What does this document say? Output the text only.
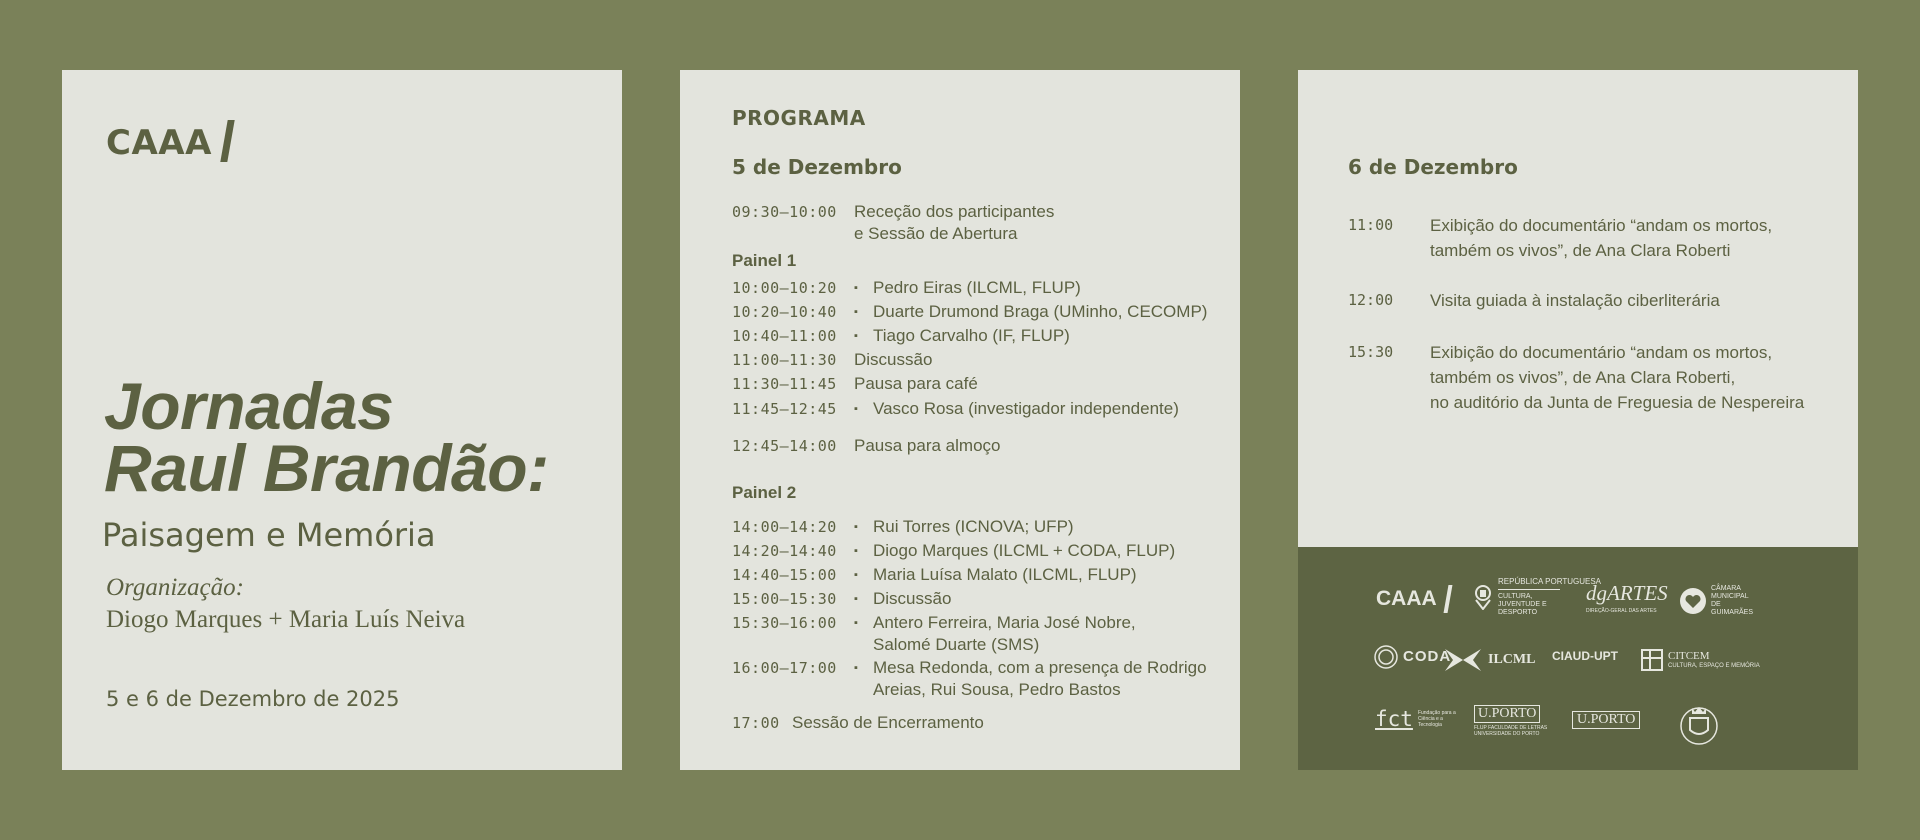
CAAA
Jornadas
Raul Brandão:
Paisagem e Memória
Organização:
Diogo Marques + Maria Luís Neiva
5 e 6 de Dezembro de 2025
PROGRAMA
5 de Dezembro
09:30–10:00 Receção dos participantes
e Sessão de Abertura
Painel 1
10:00–10:20	▪ Pedro Eiras (ILCML, FLUP)
10:20–10:40	▪ Duarte Drumond Braga (UMinho, CECOMP)
10:40–11:00	▪ Tiago Carvalho (IF, FLUP)
11:00–11:30 Discussão
11:30–11:45 Pausa para café
11:45–12:45	▪ Vasco Rosa (investigador independente)
12:45–14:00 Pausa para almoço
Painel 2
14:00–14:20	▪ Rui Torres (ICNOVA; UFP)
14:20–14:40	▪ Diogo Marques (ILCML + CODA, FLUP)
14:40–15:00	▪ Maria Luísa Malato (ILCML, FLUP)
15:00–15:30	▪ Discussão
15:30–16:00	▪ Antero Ferreira, Maria José Nobre,
Salomé Duarte (SMS)
16:00–17:00	▪ Mesa Redonda, com a presença de Rodrigo
Areias, Rui Sousa, Pedro Bastos
17:00 Sessão de Encerramento
6 de Dezembro
11:00 Exibição do documentário “andam os mortos,
também os vivos”, de Ana Clara Roberti
12:00 Visita guiada à instalação ciberliterária
15:30 Exibição do documentário “andam os mortos,
também os vivos”, de Ana Clara Roberti,
no auditório da Junta de Freguesia de Nespereira
CAAA
REPÚBLICA PORTUGUESA
CULTURA, JUVENTUDE E DESPORTO
dgARTES
DIREÇÃO-GERAL DAS ARTES
CÂMARA MUNICIPAL DE GUIMARÃES
CODA	ILCML CIAUD-UPT	CITCEM
CULTURA, ESPAÇO E MEMÓRIA
fct Fundação para a Ciência e a Tecnologia
U.PORTO
FLUP FACULDADE DE LETRAS UNIVERSIDADE DO PORTO
U.PORTO
